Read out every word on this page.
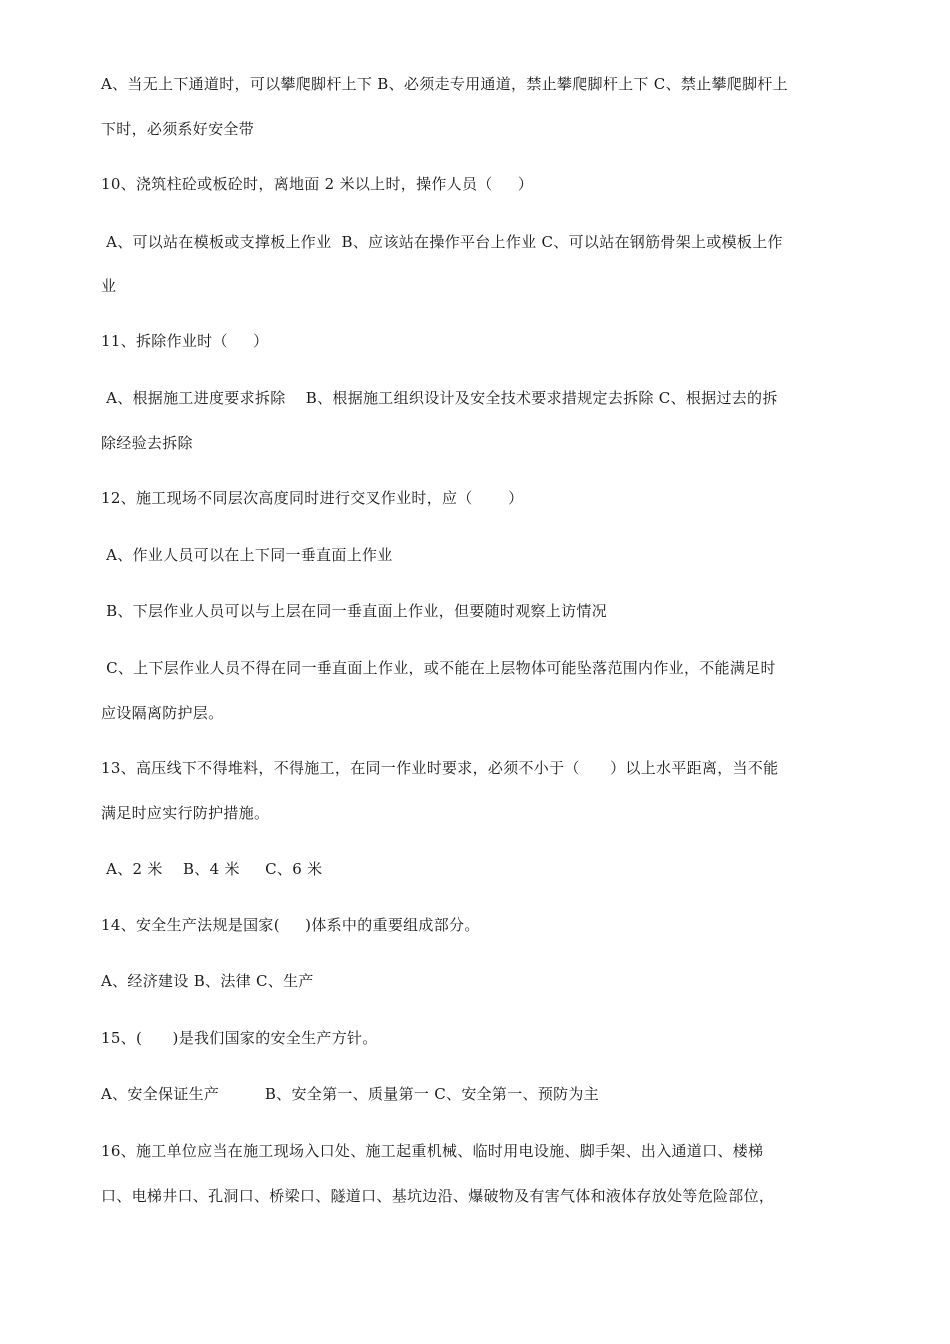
A、当无上下通道时，可以攀爬脚杆上下 B、必须走专用通道，禁止攀爬脚杆上下 C、禁止攀爬脚杆上
下时，必须系好安全带
10、浇筑柱砼或板砼时，离地面 2 米以上时，操作人员（     ）
A、可以站在模板或支撑板上作业  B、应该站在操作平台上作业 C、可以站在钢筋骨架上或模板上作
业
11、拆除作业时（     ）
A、根据施工进度要求拆除    B、根据施工组织设计及安全技术要求措规定去拆除 C、根据过去的拆
除经验去拆除
12、施工现场不同层次高度同时进行交叉作业时，应（       ）
A、作业人员可以在上下同一垂直面上作业
B、下层作业人员可以与上层在同一垂直面上作业，但要随时观察上访情况
C、上下层作业人员不得在同一垂直面上作业，或不能在上层物体可能坠落范围内作业，不能满足时
应设隔离防护层。
13、高压线下不得堆料，不得施工，在同一作业时要求，必须不小于（      ）以上水平距离，当不能
满足时应实行防护措施。
A、2 米    B、4 米     C、6 米
14、安全生产法规是国家(     )体系中的重要组成部分。
A、经济建设 B、法律 C、生产
15、(      )是我们国家的安全生产方针。
A、安全保证生产         B、安全第一、质量第一 C、安全第一、预防为主
16、施工单位应当在施工现场入口处、施工起重机械、临时用电设施、脚手架、出入通道口、楼梯
口、电梯井口、孔洞口、桥梁口、隧道口、基坑边沿、爆破物及有害气体和液体存放处等危险部位，
